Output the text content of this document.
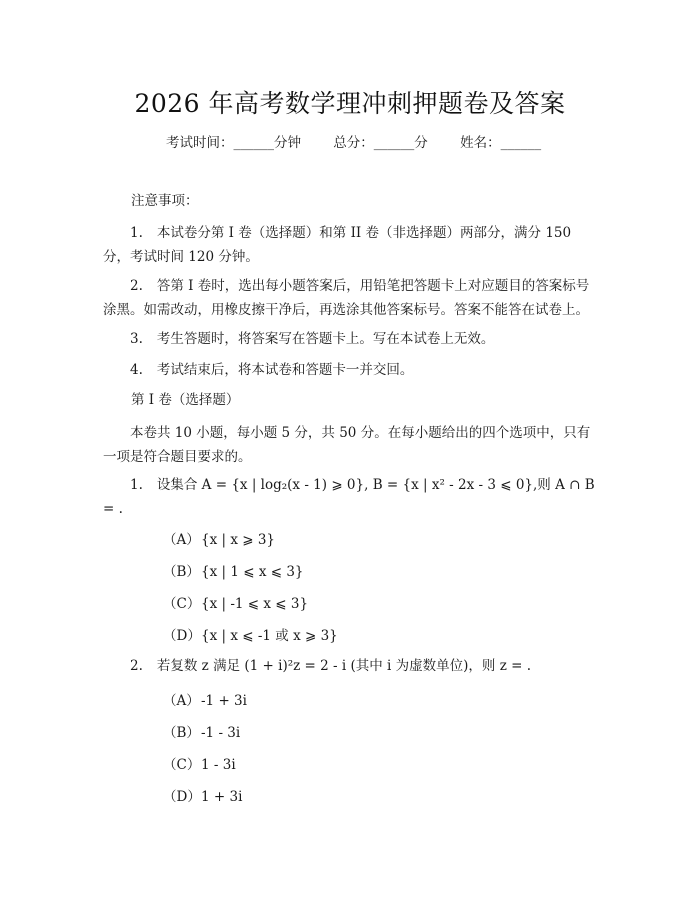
2026 年高考数学理冲刺押题卷及答案
考试时间：______分钟 总分：______分 姓名：______
注意事项：
1. 本试卷分第 I 卷（选择题）和第 II 卷（非选择题）两部分，满分 150 分，考试时间 120 分钟。
2. 答第 I 卷时，选出每小题答案后，用铅笔把答题卡上对应题目的答案标号涂黑。如需改动，用橡皮擦干净后，再选涂其他答案标号。答案不能答在试卷上。
3. 考生答题时，将答案写在答题卡上。写在本试卷上无效。
4. 考试结束后，将本试卷和答题卡一并交回。
第 I 卷（选择题）
本卷共 10 小题，每小题 5 分，共 50 分。在每小题给出的四个选项中，只有一项是符合题目要求的。
1. 设集合 A = {x | log₂(x - 1) ⩾ 0}, B = {x | x² - 2x - 3 ⩽ 0},则 A ∩ B = .
（A）{x | x ⩾ 3}
（B）{x | 1 ⩽ x ⩽ 3}
（C）{x | -1 ⩽ x ⩽ 3}
（D）{x | x ⩽ -1 或 x ⩾ 3}
2. 若复数 z 满足 (1 + i)²z = 2 - i (其中 i 为虚数单位)，则 z = .
（A）-1 + 3i
（B）-1 - 3i
（C）1 - 3i
（D）1 + 3i
